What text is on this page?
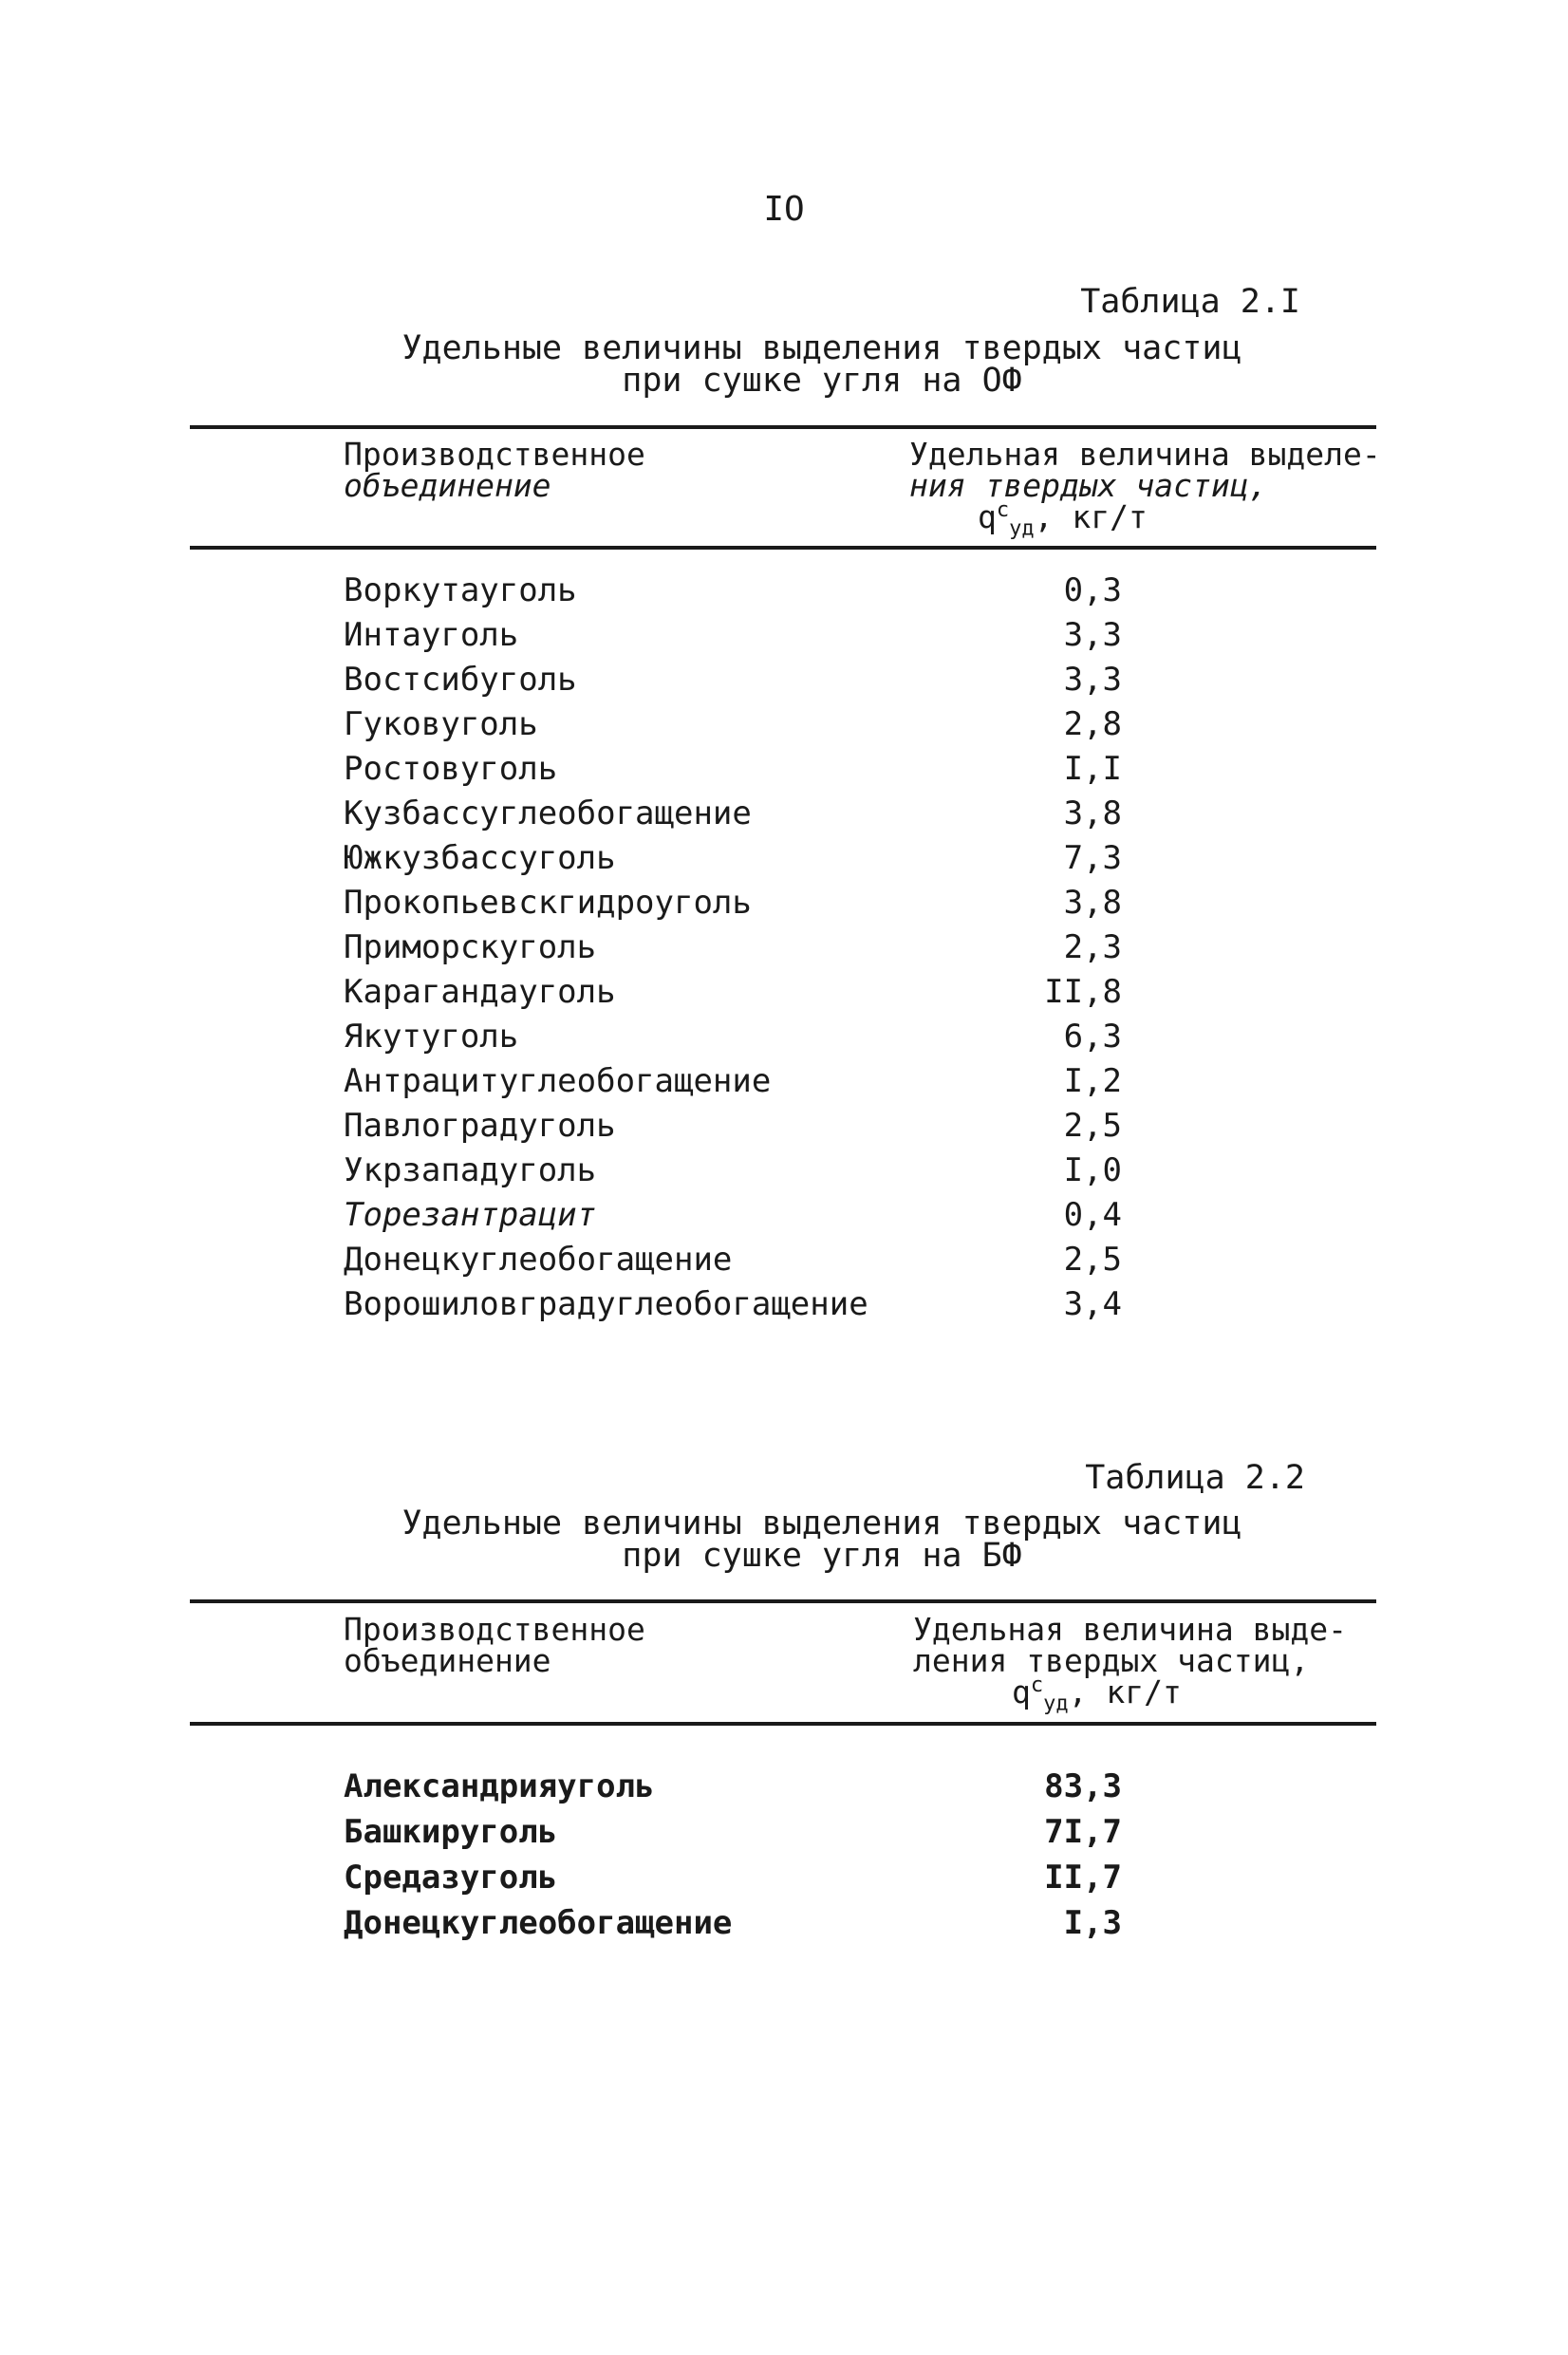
IO
Таблица 2.I
Удельные величины выделения твердых частиц
при сушке угля на ОФ
Производственное
объединение
Удельная величина выделе-
ния твердых частиц,
$q^c_{уд}$, кг/т
Воркутауголь	0,3
Интауголь	3,3
Востсибуголь	3,3
Гуковуголь	2,8
Ростовуголь	I,I
Кузбассуглеобогащение	3,8
Южкузбассуголь	7,3
Прокопьевскгидроуголь	3,8
Приморскуголь	2,3
Карагандауголь	II,8
Якутуголь	6,3
Антрацитуглеобогащение	I,2
Павлоградуголь	2,5
Укрзападуголь	I,0
Торезантрацит	0,4
Донецкуглеобогащение	2,5
Ворошиловградуглеобогащение	3,4
Таблица 2.2
Удельные величины выделения твердых частиц
при сушке угля на БФ
Производственное
объединение
Удельная величина выде-
ления твердых частиц,
$q^c_{уд}$, кг/т
Александрияуголь	83,3
Башкируголь	7I,7
Средазуголь	II,7
Донецкуглеобогащение	I,3
